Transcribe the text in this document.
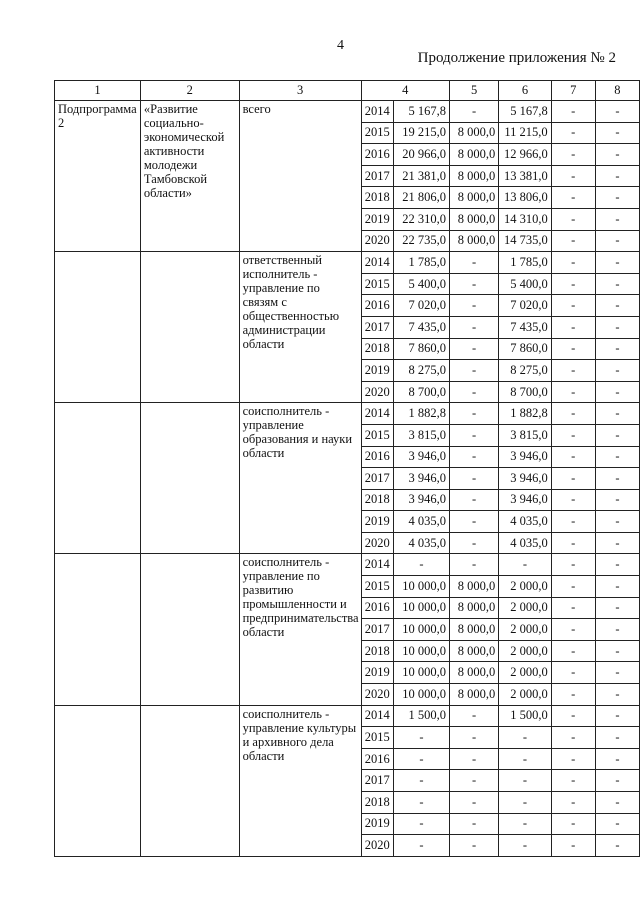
4
Продолжение приложения № 2
1	2	3	4		5	6	7	8
Подпрограмма 2	«Развитие социально-экономической активности молодежи Тамбовской области»	всего	2014	5 167,8	-	5 167,8	-	-
			2015	19 215,0	8 000,0	11 215,0	-	-
			2016	20 966,0	8 000,0	12 966,0	-	-
			2017	21 381,0	8 000,0	13 381,0	-	-
			2018	21 806,0	8 000,0	13 806,0	-	-
			2019	22 310,0	8 000,0	14 310,0	-	-
			2020	22 735,0	8 000,0	14 735,0	-	-
		ответственный исполнитель - управление по связям с общественностью администрации области	2014	1 785,0	-	1 785,0	-	-
			2015	5 400,0	-	5 400,0	-	-
			2016	7 020,0	-	7 020,0	-	-
			2017	7 435,0	-	7 435,0	-	-
			2018	7 860,0	-	7 860,0	-	-
			2019	8 275,0	-	8 275,0	-	-
			2020	8 700,0	-	8 700,0	-	-
		соисполнитель - управление образования и науки области	2014	1 882,8	-	1 882,8	-	-
			2015	3 815,0	-	3 815,0	-	-
			2016	3 946,0	-	3 946,0	-	-
			2017	3 946,0	-	3 946,0	-	-
			2018	3 946,0	-	3 946,0	-	-
			2019	4 035,0	-	4 035,0	-	-
			2020	4 035,0	-	4 035,0	-	-
		соисполнитель - управление по развитию промышленности и предпринимательства области	2014	-	-	-	-	-
			2015	10 000,0	8 000,0	2 000,0	-	-
			2016	10 000,0	8 000,0	2 000,0	-	-
			2017	10 000,0	8 000,0	2 000,0	-	-
			2018	10 000,0	8 000,0	2 000,0	-	-
			2019	10 000,0	8 000,0	2 000,0	-	-
			2020	10 000,0	8 000,0	2 000,0	-	-
		соисполнитель - управление культуры и архивного дела области	2014	1 500,0	-	1 500,0	-	-
			2015	-	-	-	-	-
			2016	-	-	-	-	-
			2017	-	-	-	-	-
			2018	-	-	-	-	-
			2019	-	-	-	-	-
			2020	-	-	-	-	-
